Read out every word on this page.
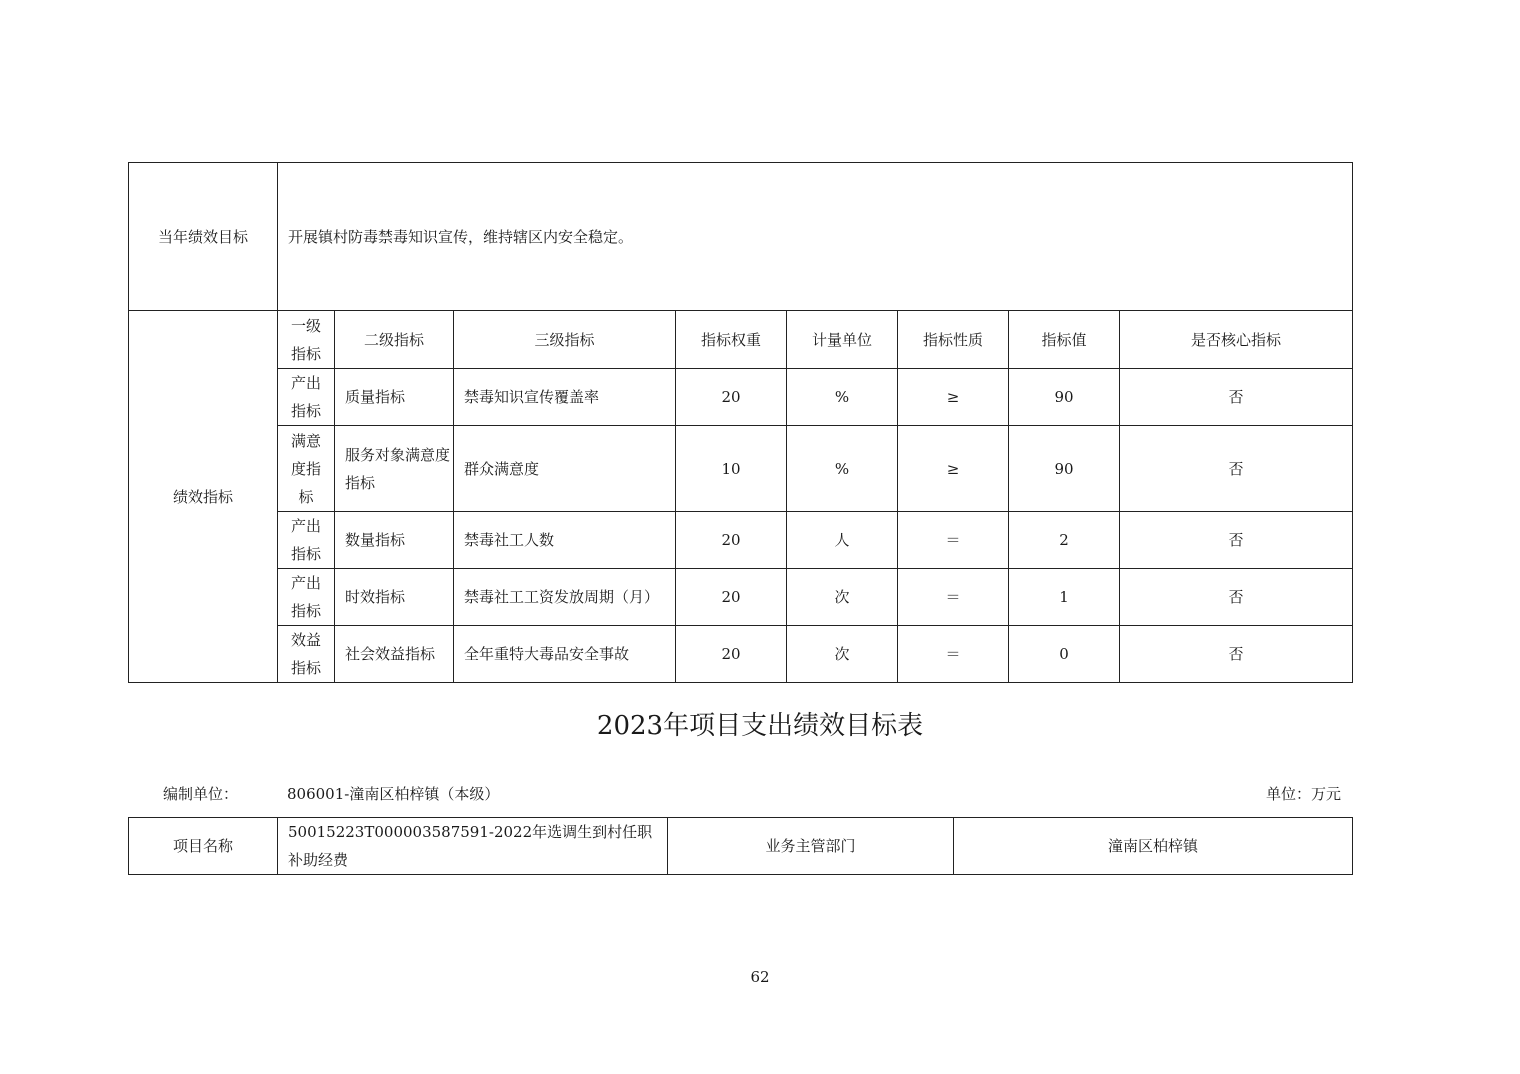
当年绩效目标	开展镇村防毒禁毒知识宣传，维持辖区内安全稳定。							
绩效指标	一级指标	二级指标	三级指标	指标权重	计量单位	指标性质	指标值	是否核心指标
	产出指标	质量指标	禁毒知识宣传覆盖率	20	%	≥	90	否
	满意度指标	服务对象满意度指标	群众满意度	10	%	≥	90	否
	产出指标	数量指标	禁毒社工人数	20	人	＝	2	否
	产出指标	时效指标	禁毒社工工资发放周期（月）	20	次	＝	1	否
	效益指标	社会效益指标	全年重特大毒品安全事故	20	次	＝	0	否
2023年项目支出绩效目标表
编制单位：	806001-潼南区柏梓镇（本级）	单位：万元
项目名称	50015223T000003587591-2022年选调生到村任职补助经费	业务主管部门	潼南区柏梓镇
62
